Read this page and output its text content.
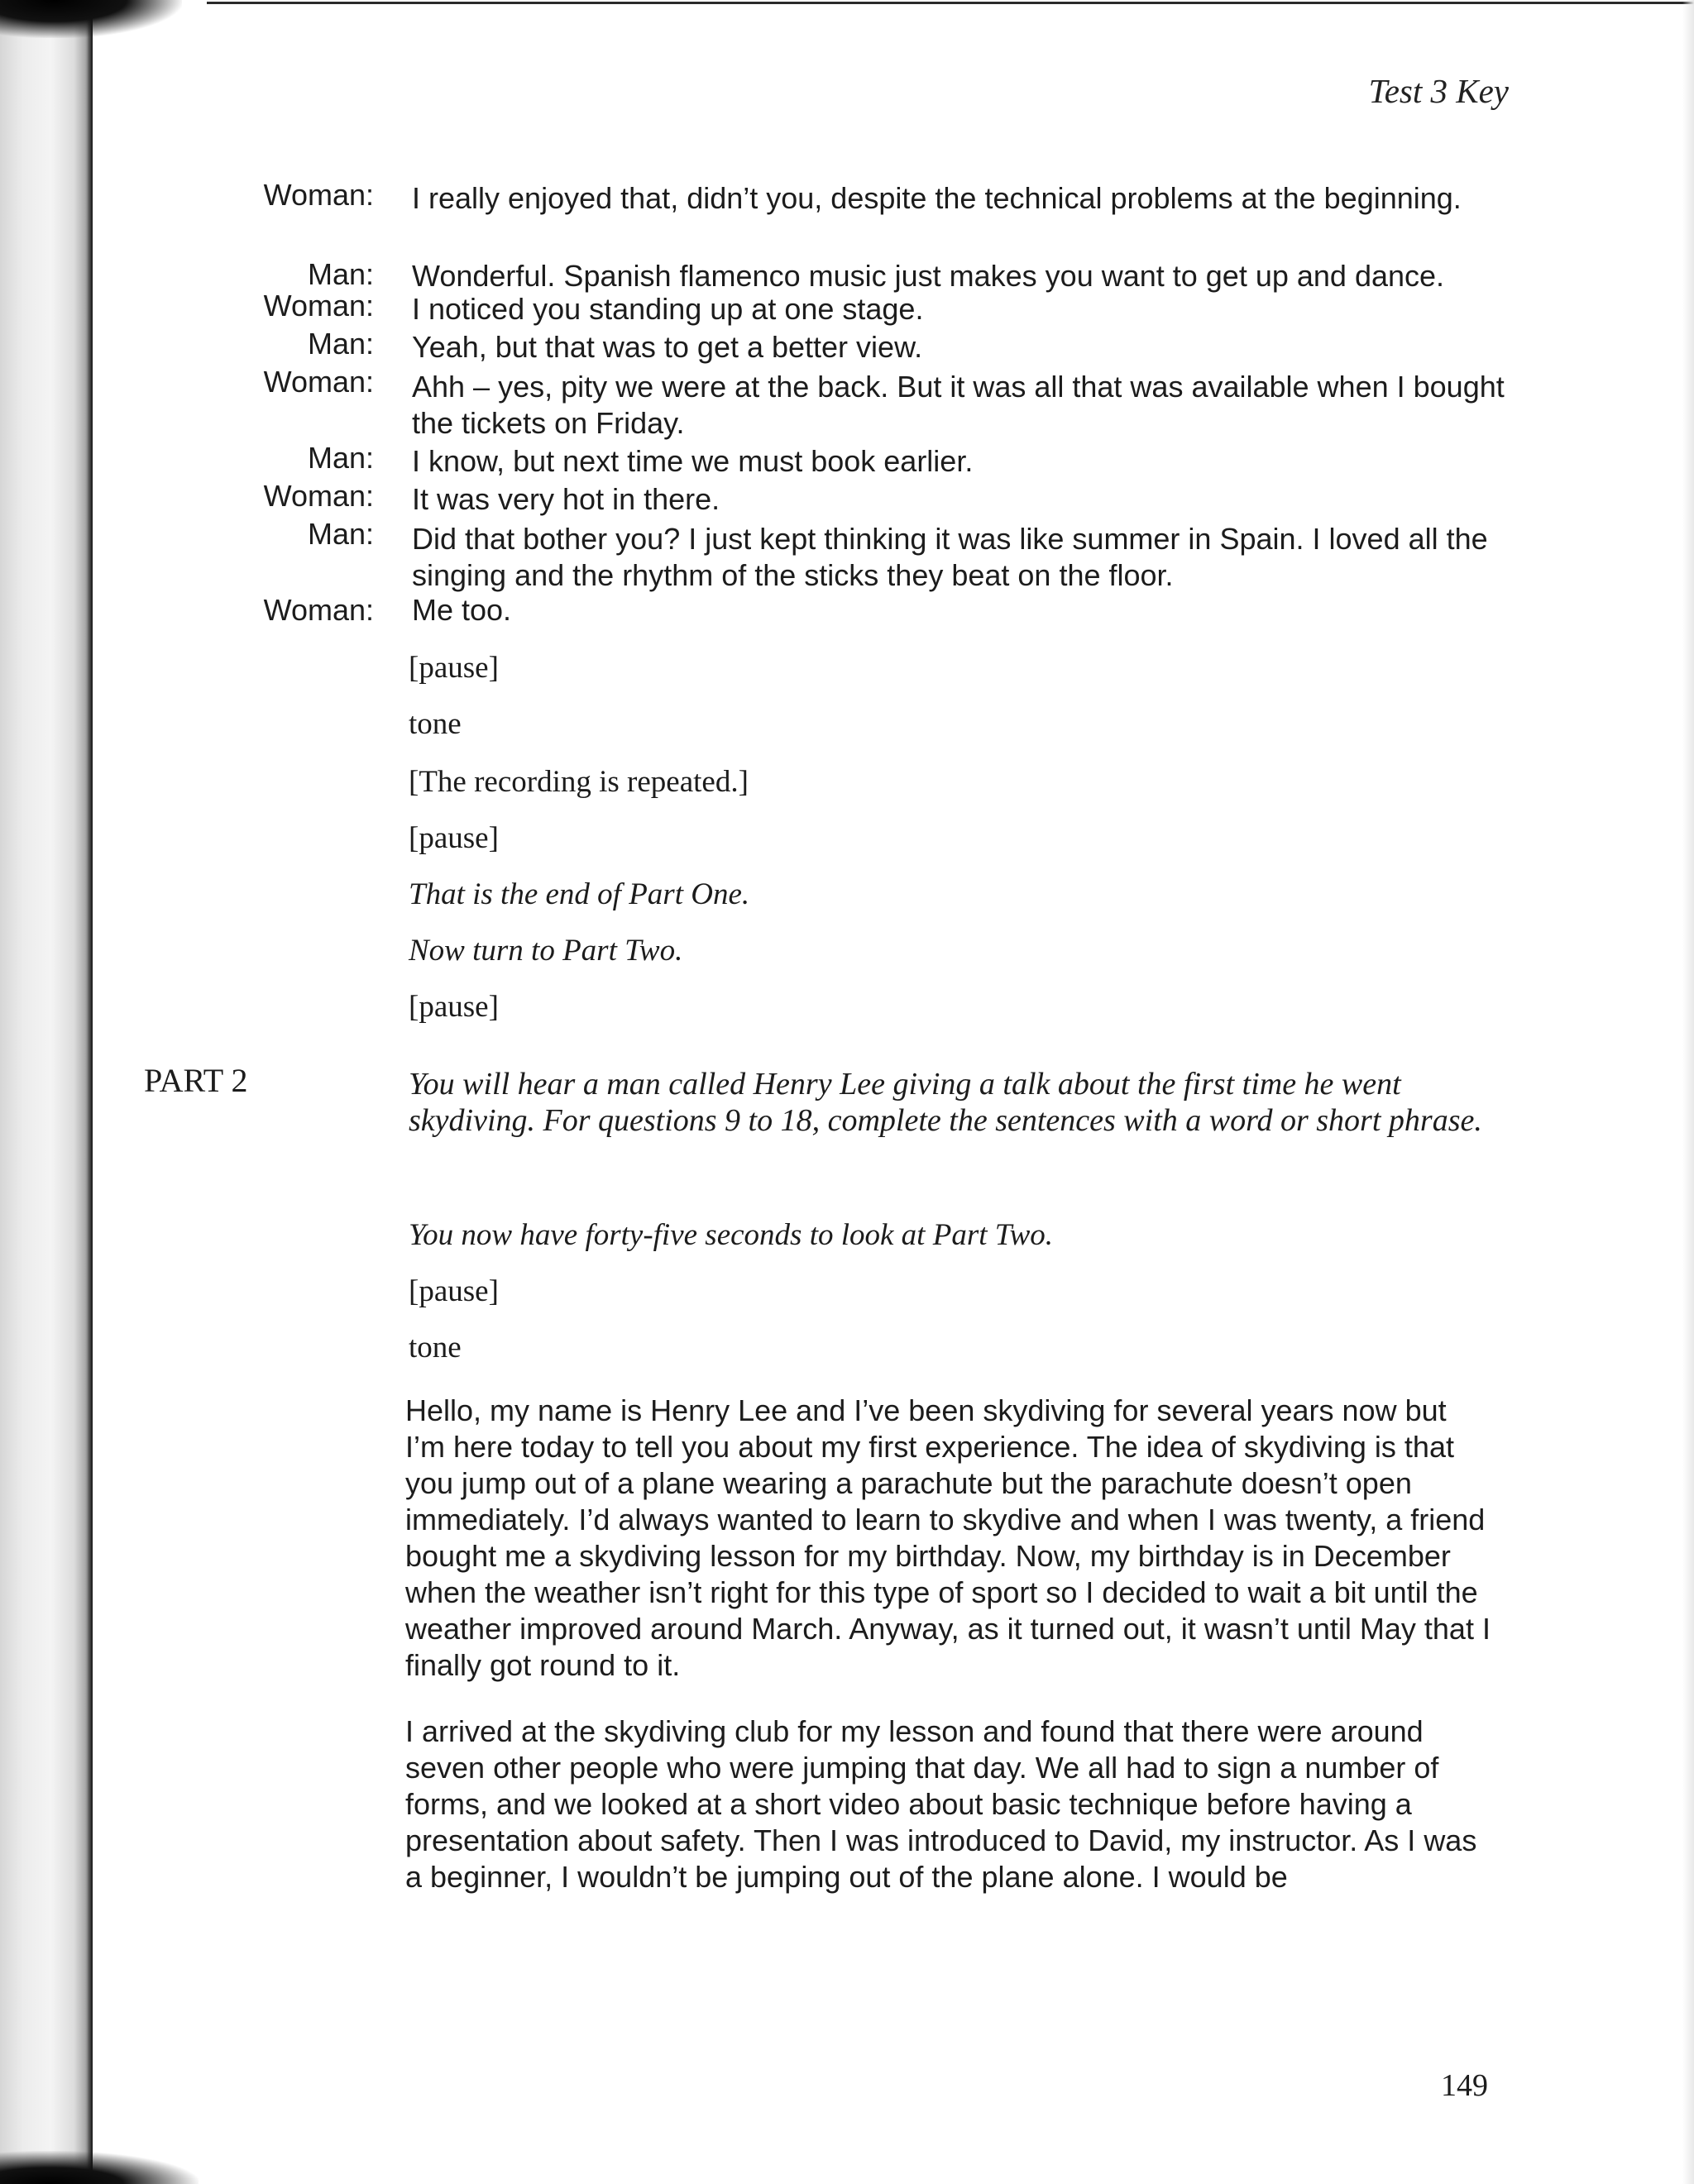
Test 3 Key
Woman: I really enjoyed that, didn’t you, despite the technical problems at the beginning.
Man: Wonderful. Spanish flamenco music just makes you want to get up and dance.
Woman: I noticed you standing up at one stage.
Man: Yeah, but that was to get a better view.
Woman: Ahh – yes, pity we were at the back. But it was all that was available when I bought the tickets on Friday.
Man: I know, but next time we must book earlier.
Woman: It was very hot in there.
Man: Did that bother you? I just kept thinking it was like summer in Spain. I loved all the singing and the rhythm of the sticks they beat on the floor.
Woman: Me too.
[pause]
tone
[The recording is repeated.]
[pause]
That is the end of Part One.
Now turn to Part Two.
[pause]
PART 2	You will hear a man called Henry Lee giving a talk about the first time he went skydiving. For questions 9 to 18, complete the sentences with a word or short phrase.
You now have forty-five seconds to look at Part Two.
[pause]
tone
Hello, my name is Henry Lee and I’ve been skydiving for several years now but I’m here today to tell you about my first experience. The idea of skydiving is that you jump out of a plane wearing a parachute but the parachute doesn’t open immediately. I’d always wanted to learn to skydive and when I was twenty, a friend bought me a skydiving lesson for my birthday. Now, my birthday is in December when the weather isn’t right for this type of sport so I decided to wait a bit until the weather improved around March. Anyway, as it turned out, it wasn’t until May that I finally got round to it.
I arrived at the skydiving club for my lesson and found that there were around seven other people who were jumping that day. We all had to sign a number of forms, and we looked at a short video about basic technique before having a presentation about safety. Then I was introduced to David, my instructor. As I was a beginner, I wouldn’t be jumping out of the plane alone. I would be
149
